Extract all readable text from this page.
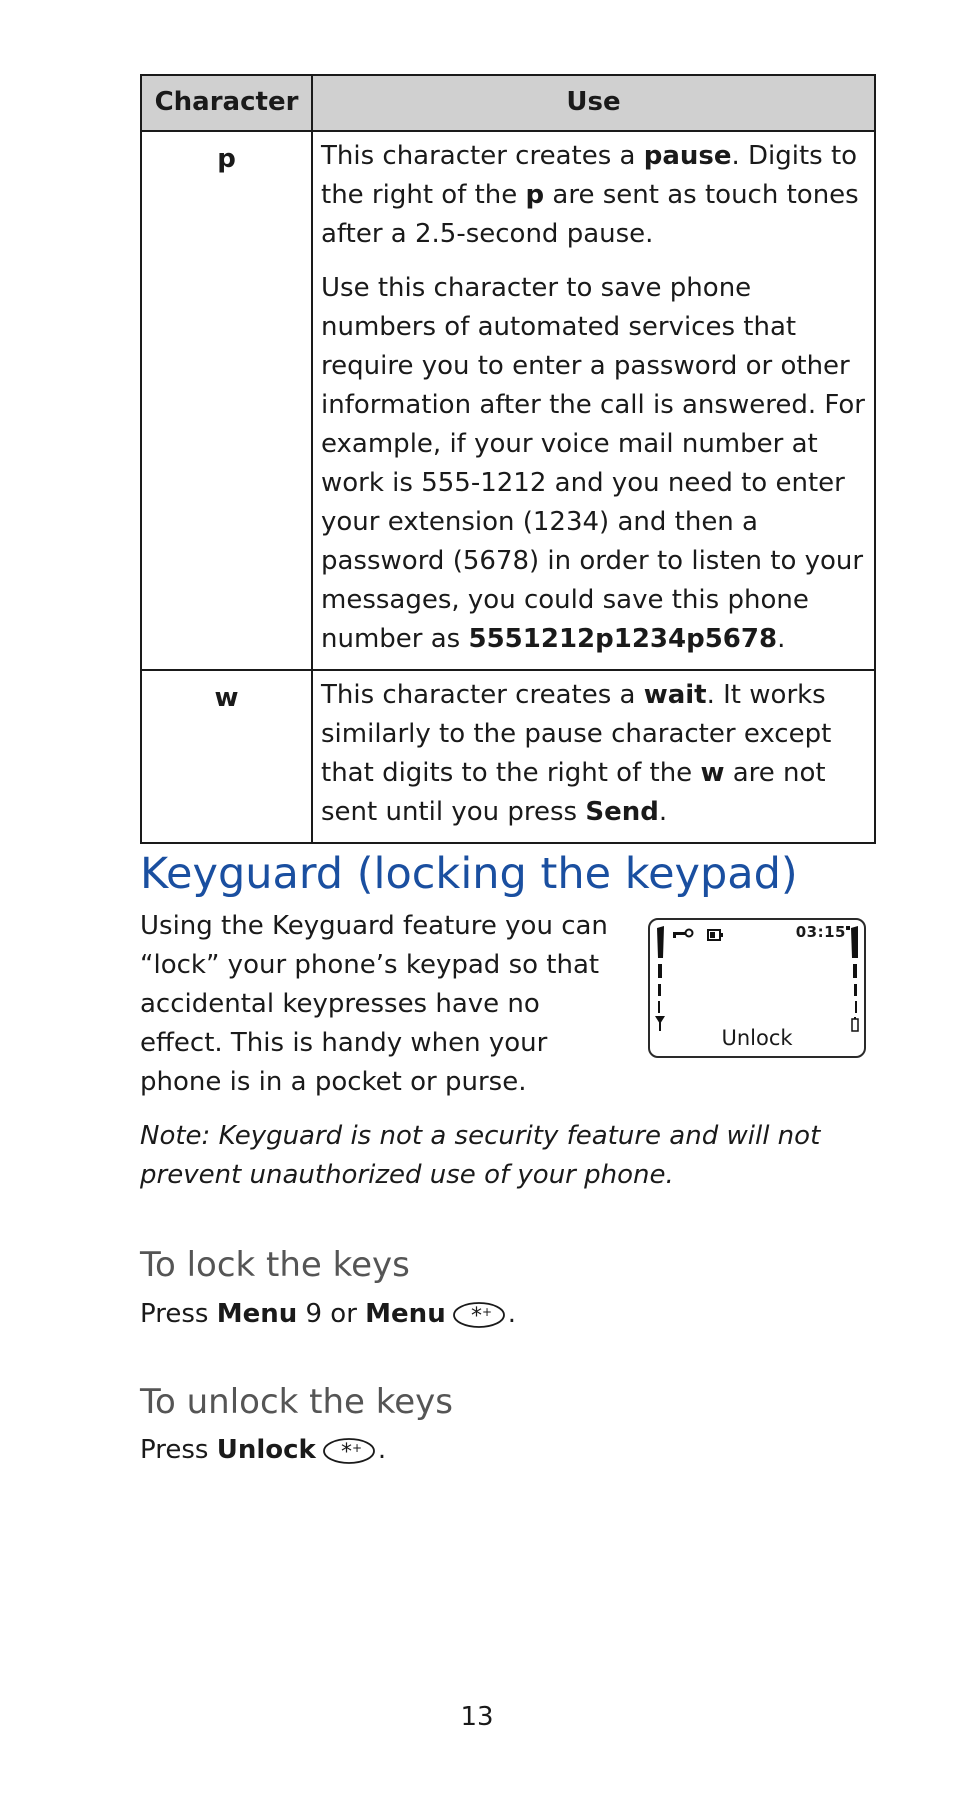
Character	Use
p	This character creates a pause. Digits to the right of the p are sent as touch tones after a 2.5-second pause.

Use this character to save phone numbers of automated services that require you to enter a password or other information after the call is answered. For example, if your voice mail number at work is 555-1212 and you need to enter your extension (1234) and then a password (5678) in order to listen to your messages, you could save this phone number as 5551212p1234p5678.

w	This character creates a wait. It works similarly to the pause character except that digits to the right of the w are not sent until you press Send.

Keyguard (locking the keypad)

Using the Keyguard feature you can “lock” your phone’s keypad so that accidental keypresses have no effect. This is handy when your phone is in a pocket or purse.

03:15
Unlock

Note: Keyguard is not a security feature and will not prevent unauthorized use of your phone.

To lock the keys

Press Menu 9 or Menu * + .

To unlock the keys

Press Unlock * + .

13
